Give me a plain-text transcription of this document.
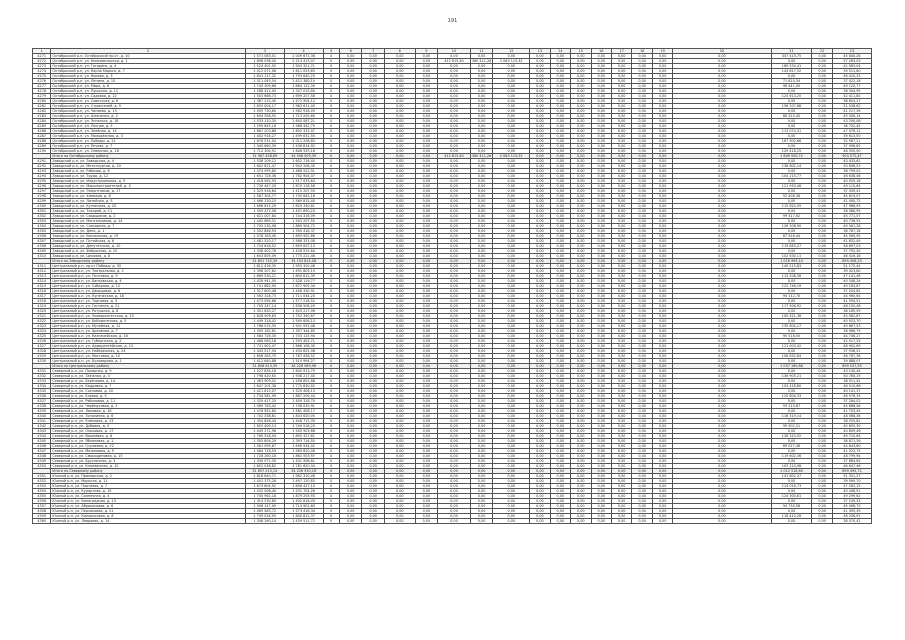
191
1	2	3	4	5	6	7	8	9	10	11	12	13	14	15	16	17	18	19	20	21	22	23
4271	Октябрьский р-н, Октябрьский пр-кт, д. 10	1 571 083,51	2 009 671,36	0	0,00	0,00	0,00	0,00	0,00	0,00	0,00	0,00	0,00	0,00	0,00	0,00	0,00	0,00	0,00	347 415,75	0,00	45 840,26
4272	Октябрьский р-н, ул. Комсомольская, д. 1	1 896 036,40	2 213 413,07	0	0,00	0,00	0,00	0,00	412 815,40	360 411,26	2 063 113,32	0,00	0,00	0,00	0,00	0,00	0,00	0,00	0,00	0,00	0,00	57 283,03
4273	Октябрьский р-н, ул. Гагарина, д. 4	1 524 401,92	1 503 321,71	0	0,00	0,00	0,00	0,00	0,00	0,00	0,00	0,00	0,00	0,00	0,00	0,00	0,00	0,00	0,00	189 534,41	0,00	42 983,04
4274	Октябрьский р-н, ул. Карла Маркса, д. 7	1 412 071,08	1 611 053,65	0	0,00	0,00	0,00	0,00	0,00	0,00	0,00	0,00	0,00	0,00	0,00	0,00	0,00	0,00	0,00	143 817,52	0,00	39 511,60
4275	Октябрьский р-н, ул. Кирова, д. 3	1 641 117,32	1 793 640,25	0	0,00	0,00	0,00	0,00	0,00	0,00	0,00	0,00	0,00	0,00	0,00	0,00	0,00	0,00	0,00	0,00	0,00	46 410,33
4276	Октябрьский р-н, ул. Ленина, д. 15	1 311 045,54	1 421 380,10	0	0,00	0,00	0,00	0,00	0,00	0,00	0,00	0,00	0,00	0,00	0,00	0,00	0,00	0,00	0,00	71 810,34	0,00	37 022,18
4277	Октябрьский р-н, ул. Мира, д. 8	1 745 309,66	1 864 122,39	0	0,00	0,00	0,00	0,00	0,00	0,00	0,00	0,00	0,00	0,00	0,00	0,00	0,00	0,00	0,00	98 441,00	0,00	49 120,77
4278	Октябрьский р-н, ул. Пушкина, д. 11	1 288 412,05	1 337 015,84	0	0,00	0,00	0,00	0,00	0,00	0,00	0,00	0,00	0,00	0,00	0,00	0,00	0,00	0,00	0,00	0,00	0,00	36 304,95
4279	Октябрьский р-н, ул. Садовая, д. 22	1 503 668,73	1 699 207,58	0	0,00	0,00	0,00	0,00	0,00	0,00	0,00	0,00	0,00	0,00	0,00	0,00	0,00	0,00	0,00	124 613,20	0,00	42 411,80
4280	Октябрьский р-н, ул. Советская, д. 6	1 367 215,49	1 472 904,12	0	0,00	0,00	0,00	0,00	0,00	0,00	0,00	0,00	0,00	0,00	0,00	0,00	0,00	0,00	0,00	0,00	0,00	38 604,27
4281	Октябрьский р-н, ул. Строителей, д. 9	1 825 004,17	1 983 611,40	0	0,00	0,00	0,00	0,00	0,00	0,00	0,00	0,00	0,00	0,00	0,00	0,00	0,00	0,00	0,00	156 207,88	0,00	51 538,62
4282	Октябрьский р-н, ул. Чапаева, д. 13	1 459 730,60	1 562 918,03	0	0,00	0,00	0,00	0,00	0,00	0,00	0,00	0,00	0,00	0,00	0,00	0,00	0,00	0,00	0,00	0,00	0,00	41 217,39
4283	Октябрьский р-н, ул. Шевченко, д. 2	1 604 558,92	1 713 205,60	0	0,00	0,00	0,00	0,00	0,00	0,00	0,00	0,00	0,00	0,00	0,00	0,00	0,00	0,00	0,00	88 315,40	0,00	45 306,14
4284	Октябрьский р-н, ул. Энгельса, д. 18	1 533 120,35	1 640 087,21	0	0,00	0,00	0,00	0,00	0,00	0,00	0,00	0,00	0,00	0,00	0,00	0,00	0,00	0,00	0,00	0,00	0,00	43 290,08
4285	Октябрьский р-н, ул. Лесная, д. 5	1 299 845,16	1 388 442,70	0	0,00	0,00	0,00	0,00	0,00	0,00	0,00	0,00	0,00	0,00	0,00	0,00	0,00	0,00	0,00	0,00	0,00	36 702,45
4286	Октябрьский р-н, ул. Зелёная, д. 14	1 667 203,88	1 802 315,47	0	0,00	0,00	0,00	0,00	0,00	0,00	0,00	0,00	0,00	0,00	0,00	0,00	0,00	0,00	0,00	112 074,31	0,00	47 076,12
4287	Октябрьский р-н, ул. Молодёжная, д. 3	1 402 918,27	1 499 631,55	0	0,00	0,00	0,00	0,00	0,00	0,00	0,00	0,00	0,00	0,00	0,00	0,00	0,00	0,00	0,00	0,00	0,00	39 613,50
4288	Октябрьский р-н, ул. Победы, д. 21	1 876 531,04	2 011 208,83	0	0,00	0,00	0,00	0,00	0,00	0,00	0,00	0,00	0,00	0,00	0,00	0,00	0,00	0,00	0,00	167 902,66	0,00	52 987,21
4289	Октябрьский р-н, ул. Речная, д. 7	1 345 660,39	1 436 814,92	0	0,00	0,00	0,00	0,00	0,00	0,00	0,00	0,00	0,00	0,00	0,00	0,00	0,00	0,00	0,00	0,00	0,00	37 996,82
4290	Октябрьский р-н, ул. Северная, д. 16	1 712 304,51	1 846 529,18	0	0,00	0,00	0,00	0,00	0,00	0,00	0,00	0,00	0,00	0,00	0,00	0,00	0,00	0,00	0,00	129 418,25	0,00	48 350,90
	Итого по Октябрьскому району	31 987 438,89	34 508 509,39	0	0,00	0,00	0,00	0,00	412 815,40	360 411,26	2 063 113,32	0,00	0,00	0,00	0,00	0,00	0,00	0,00	0,00	1 649 550,72	0,00	903 572,47
4291	Заводской р-н, ул. Заводская, д. 4	1 538 209,12	1 652 716,40	0	0,00	0,00	0,00	0,00	0,00	0,00	0,00	0,00	0,00	0,00	0,00	0,00	0,00	0,00	0,00	0,00	0,00	43 433,61
4292	Заводской р-н, ул. Металлургов, д. 10	1 802 611,47	1 943 208,35	0	0,00	0,00	0,00	0,00	0,00	0,00	0,00	0,00	0,00	0,00	0,00	0,00	0,00	0,00	0,00	138 602,14	0,00	50 898,53
4293	Заводской р-н, ул. Рабочая, д. 6	1 374 095,80	1 468 522,91	0	0,00	0,00	0,00	0,00	0,00	0,00	0,00	0,00	0,00	0,00	0,00	0,00	0,00	0,00	0,00	0,00	0,00	38 799,02
4294	Заводской р-н, ул. Труда, д. 12	1 651 728,36	1 782 904,07	0	0,00	0,00	0,00	0,00	0,00	0,00	0,00	0,00	0,00	0,00	0,00	0,00	0,00	0,00	0,00	104 215,77	0,00	46 638,46
4295	Заводской р-н, ул. Индустриальная, д. 9	1 418 562,93	1 517 033,64	0	0,00	0,00	0,00	0,00	0,00	0,00	0,00	0,00	0,00	0,00	0,00	0,00	0,00	0,00	0,00	0,00	0,00	40 055,18
4296	Заводской р-н, ул. Машиностроителей, д. 3	1 739 447,20	1 870 118,56	0	0,00	0,00	0,00	0,00	0,00	0,00	0,00	0,00	0,00	0,00	0,00	0,00	0,00	0,00	0,00	121 930,48	0,00	49 115,64
4297	Заводской р-н, ул. Энергетиков, д. 17	1 325 918,64	1 415 207,93	0	0,00	0,00	0,00	0,00	0,00	0,00	0,00	0,00	0,00	0,00	0,00	0,00	0,00	0,00	0,00	0,00	0,00	37 439,41
4298	Заводской р-н, ул. Химиков, д. 8	1 587 304,77	1 705 642,18	0	0,00	0,00	0,00	0,00	0,00	0,00	0,00	0,00	0,00	0,00	0,00	0,00	0,00	0,00	0,00	92 408,36	0,00	44 819,07
4299	Заводской р-н, ул. Литейная, д. 5	1 466 230,15	1 569 815,40	0	0,00	0,00	0,00	0,00	0,00	0,00	0,00	0,00	0,00	0,00	0,00	0,00	0,00	0,00	0,00	0,00	0,00	41 400,72
4300	Заводской р-н, ул. Кузнечная, д. 20	1 698 815,29	1 829 330,61	0	0,00	0,00	0,00	0,00	0,00	0,00	0,00	0,00	0,00	0,00	0,00	0,00	0,00	0,00	0,00	115 624,05	0,00	47 968,93
4301	Заводской р-н, ул. Токарей, д. 11	1 359 472,58	1 451 690,24	0	0,00	0,00	0,00	0,00	0,00	0,00	0,00	0,00	0,00	0,00	0,00	0,00	0,00	0,00	0,00	0,00	0,00	38 386,95
4302	Заводской р-н, ул. Сварщиков, д. 2	1 621 007,84	1 744 316,09	0	0,00	0,00	0,00	0,00	0,00	0,00	0,00	0,00	0,00	0,00	0,00	0,00	0,00	0,00	0,00	99 317,62	0,00	45 771,07
4303	Заводской р-н, ул. Монтажников, д. 14	1 442 689,31	1 543 207,55	0	0,00	0,00	0,00	0,00	0,00	0,00	0,00	0,00	0,00	0,00	0,00	0,00	0,00	0,00	0,00	0,00	0,00	40 736,53
4304	Заводской р-н, ул. Слесарная, д. 7	1 755 230,06	1 889 504,72	0	0,00	0,00	0,00	0,00	0,00	0,00	0,00	0,00	0,00	0,00	0,00	0,00	0,00	0,00	0,00	126 508,90	0,00	49 561,28
4305	Заводской р-н, ул. Депо, д. 1	1 302 846,93	1 390 418,37	0	0,00	0,00	0,00	0,00	0,00	0,00	0,00	0,00	0,00	0,00	0,00	0,00	0,00	0,00	0,00	0,00	0,00	36 787,16
4306	Заводской р-н, ул. Вокзальная, д. 19	1 578 163,40	1 695 902,86	0	0,00	0,00	0,00	0,00	0,00	0,00	0,00	0,00	0,00	0,00	0,00	0,00	0,00	0,00	0,00	87 916,44	0,00	44 560,95
4307	Заводской р-н, ул. Путейская, д. 6	1 481 520,17	1 586 331,08	0	0,00	0,00	0,00	0,00	0,00	0,00	0,00	0,00	0,00	0,00	0,00	0,00	0,00	0,00	0,00	0,00	0,00	41 832,49
4308	Заводской р-н, ул. Депутатская, д. 10	1 724 618,52	1 859 007,13	0	0,00	0,00	0,00	0,00	0,00	0,00	0,00	0,00	0,00	0,00	0,00	0,00	0,00	0,00	0,00	119 845,27	0,00	48 697,03
4309	Заводской р-н, ул. Фабричная, д. 15	1 338 402,76	1 428 915,64	0	0,00	0,00	0,00	0,00	0,00	0,00	0,00	0,00	0,00	0,00	0,00	0,00	0,00	0,00	0,00	0,00	0,00	37 792,30
4310	Заводской р-н, ул. Цеховая, д. 8	1 643 855,09	1 770 221,46	0	0,00	0,00	0,00	0,00	0,00	0,00	0,00	0,00	0,00	0,00	0,00	0,00	0,00	0,00	0,00	102 630,11	0,00	46 416,18
	Итого по Заводскому району	31 851 730,39	34 153 815,08	0	0,00	0,00	0,00	0,00	0,00	0,00	0,00	0,00	0,00	0,00	0,00	0,00	0,00	0,00	0,00	1 016 999,14	0,00	899 406,23
4311	Центральный р-н, пр-кт Победы, д. 30	1 812 416,35	1 955 320,48	0	0,00	0,00	0,00	0,00	0,00	0,00	0,00	0,00	0,00	0,00	0,00	0,00	0,00	0,00	0,00	140 215,83	0,00	51 175,44
4312	Центральный р-н, ул. Театральная, д. 2	1 396 207,62	1 491 803,15	0	0,00	0,00	0,00	0,00	0,00	0,00	0,00	0,00	0,00	0,00	0,00	0,00	0,00	0,00	0,00	0,00	0,00	39 423,80
4313	Центральный р-н, ул. Почтовая, д. 9	1 669 530,21	1 804 612,39	0	0,00	0,00	0,00	0,00	0,00	0,00	0,00	0,00	0,00	0,00	0,00	0,00	0,00	0,00	0,00	113 208,58	0,00	47 141,46
4314	Центральный р-н, ул. Банковская, д. 4	1 428 941,05	1 528 119,77	0	0,00	0,00	0,00	0,00	0,00	0,00	0,00	0,00	0,00	0,00	0,00	0,00	0,00	0,00	0,00	0,00	0,00	40 348,24
4315	Центральный р-н, ул. Соборная, д. 12	1 741 862,90	1 872 905,34	0	0,00	0,00	0,00	0,00	0,00	0,00	0,00	0,00	0,00	0,00	0,00	0,00	0,00	0,00	0,00	122 746,19	0,00	49 183,87
4316	Центральный р-н, ул. Дворцовая, д. 6	1 317 605,48	1 406 330,91	0	0,00	0,00	0,00	0,00	0,00	0,00	0,00	0,00	0,00	0,00	0,00	0,00	0,00	0,00	0,00	0,00	0,00	37 204,62
4317	Центральный р-н, ул. Купеческая, д. 18	1 592 318,73	1 711 044,20	0	0,00	0,00	0,00	0,00	0,00	0,00	0,00	0,00	0,00	0,00	0,00	0,00	0,00	0,00	0,00	94 112,70	0,00	44 960,64
4318	Центральный р-н, ул. Торговая, д. 3	1 473 094,66	1 577 218,52	0	0,00	0,00	0,00	0,00	0,00	0,00	0,00	0,00	0,00	0,00	0,00	0,00	0,00	0,00	0,00	0,00	0,00	41 594,51
4319	Центральный р-н, ул. Гостиная, д. 21	1 705 247,14	1 836 508,29	0	0,00	0,00	0,00	0,00	0,00	0,00	0,00	0,00	0,00	0,00	0,00	0,00	0,00	0,00	0,00	117 506,92	0,00	48 150,48
4320	Центральный р-н, ул. Ратушная, д. 8	1 351 630,27	1 443 217,06	0	0,00	0,00	0,00	0,00	0,00	0,00	0,00	0,00	0,00	0,00	0,00	0,00	0,00	0,00	0,00	0,00	0,00	38 165,59
4321	Центральный р-н, ул. Университетская, д. 15	1 628 509,83	1 752 340,67	0	0,00	0,00	0,00	0,00	0,00	0,00	0,00	0,00	0,00	0,00	0,00	0,00	0,00	0,00	0,00	100 421,36	0,00	45 982,87
4322	Центральный р-н, ул. Библиотечная, д. 5	1 449 318,42	1 549 806,13	0	0,00	0,00	0,00	0,00	0,00	0,00	0,00	0,00	0,00	0,00	0,00	0,00	0,00	0,00	0,00	0,00	0,00	40 923,70
4323	Центральный р-н, ул. Музейная, д. 11	1 766 074,55	1 901 932,48	0	0,00	0,00	0,00	0,00	0,00	0,00	0,00	0,00	0,00	0,00	0,00	0,00	0,00	0,00	0,00	130 604,17	0,00	49 867,53
4324	Центральный р-н, ул. Архивная, д. 7	1 309 182,61	1 397 344,85	0	0,00	0,00	0,00	0,00	0,00	0,00	0,00	0,00	0,00	0,00	0,00	0,00	0,00	0,00	0,00	0,00	0,00	36 966,79
4325	Центральный р-н, ул. Казначейская, д. 16	1 584 726,30	1 703 115,94	0	0,00	0,00	0,00	0,00	0,00	0,00	0,00	0,00	0,00	0,00	0,00	0,00	0,00	0,00	0,00	90 518,05	0,00	44 746,27
4326	Центральный р-н, ул. Губернская, д. 2	1 488 063,18	1 593 402,71	0	0,00	0,00	0,00	0,00	0,00	0,00	0,00	0,00	0,00	0,00	0,00	0,00	0,00	0,00	0,00	0,00	0,00	42 017,25
4327	Центральный р-н, ул. Адмиралтейская, д. 13	1 731 902,47	1 866 108,30	0	0,00	0,00	0,00	0,00	0,00	0,00	0,00	0,00	0,00	0,00	0,00	0,00	0,00	0,00	0,00	121 003,42	0,00	48 902,69
4328	Центральный р-н, ул. Набережная, д. 24	1 343 517,94	1 434 625,08	0	0,00	0,00	0,00	0,00	0,00	0,00	0,00	0,00	0,00	0,00	0,00	0,00	0,00	0,00	0,00	0,00	0,00	37 936,51
4329	Центральный р-н, ул. Мостовая, д. 10	1 656 283,75	1 787 436,52	0	0,00	0,00	0,00	0,00	0,00	0,00	0,00	0,00	0,00	0,00	0,00	0,00	0,00	0,00	0,00	106 832,64	0,00	46 767,38
4330	Центральный р-н, ул. Бульварная, д. 1	1 412 640,88	1 510 994,27	0	0,00	0,00	0,00	0,00	0,00	0,00	0,00	0,00	0,00	0,00	0,00	0,00	0,00	0,00	0,00	0,00	0,00	39 888,07
	Итого по Центральному району	31 858 913,39	34 228 589,96	0	0,00	0,00	0,00	0,00	0,00	0,00	0,00	0,00	0,00	0,00	0,00	0,00	0,00	0,00	0,00	1 037 169,86	0,00	899 537,55
4331	Северный р-н, ул. Полярная, д. 9	1 527 834,16	1 640 913,75	0	0,00	0,00	0,00	0,00	0,00	0,00	0,00	0,00	0,00	0,00	0,00	0,00	0,00	0,00	0,00	0,00	0,00	43 140,44
4332	Северный р-н, ул. Таёжная, д. 3	1 798 420,63	1 938 217,40	0	0,00	0,00	0,00	0,00	0,00	0,00	0,00	0,00	0,00	0,00	0,00	0,00	0,00	0,00	0,00	136 905,21	0,00	50 780,19
4333	Северный р-н, ул. Берёзовая, д. 14	1 363 909,52	1 456 602,88	0	0,00	0,00	0,00	0,00	0,00	0,00	0,00	0,00	0,00	0,00	0,00	0,00	0,00	0,00	0,00	0,00	0,00	38 511,41
4334	Северный р-н, ул. Кедровая, д. 7	1 647 201,38	1 775 830,92	0	0,00	0,00	0,00	0,00	0,00	0,00	0,00	0,00	0,00	0,00	0,00	0,00	0,00	0,00	0,00	103 418,80	0,00	46 510,66
4335	Северный р-н, ул. Сосновая, д. 20	1 421 615,07	1 520 406,13	0	0,00	0,00	0,00	0,00	0,00	0,00	0,00	0,00	0,00	0,00	0,00	0,00	0,00	0,00	0,00	0,00	0,00	40 141,37
4336	Северный р-н, ул. Еловая, д. 5	1 734 581,99	1 867 209,44	0	0,00	0,00	0,00	0,00	0,00	0,00	0,00	0,00	0,00	0,00	0,00	0,00	0,00	0,00	0,00	120 604,33	0,00	48 978,35
4337	Северный р-н, ул. Рябиновая, д. 11	1 320 417,25	1 409 318,70	0	0,00	0,00	0,00	0,00	0,00	0,00	0,00	0,00	0,00	0,00	0,00	0,00	0,00	0,00	0,00	0,00	0,00	37 284,02
4338	Северный р-н, ул. Черёмуховая, д. 2	1 589 763,42	1 708 035,91	0	0,00	0,00	0,00	0,00	0,00	0,00	0,00	0,00	0,00	0,00	0,00	0,00	0,00	0,00	0,00	93 210,87	0,00	44 888,46
4339	Северный р-н, ул. Липовая, д. 18	1 476 952,80	1 581 408,17	0	0,00	0,00	0,00	0,00	0,00	0,00	0,00	0,00	0,00	0,00	0,00	0,00	0,00	0,00	0,00	0,00	0,00	41 703,45
4340	Северный р-н, ул. Тополиная, д. 6	1 702 338,61	1 833 620,05	0	0,00	0,00	0,00	0,00	0,00	0,00	0,00	0,00	0,00	0,00	0,00	0,00	0,00	0,00	0,00	116 319,14	0,00	48 068,36
4341	Северный р-н, ул. Клёновая, д. 13	1 354 826,44	1 446 712,39	0	0,00	0,00	0,00	0,00	0,00	0,00	0,00	0,00	0,00	0,00	0,00	0,00	0,00	0,00	0,00	0,00	0,00	38 255,82
4342	Северный р-н, ул. Дубовая, д. 4	1 625 409,13	1 749 518,20	0	0,00	0,00	0,00	0,00	0,00	0,00	0,00	0,00	0,00	0,00	0,00	0,00	0,00	0,00	0,00	99 902,51	0,00	45 895,30
4343	Северный р-н, ул. Ольховая, д. 17	1 445 271,96	1 545 903,68	0	0,00	0,00	0,00	0,00	0,00	0,00	0,00	0,00	0,00	0,00	0,00	0,00	0,00	0,00	0,00	0,00	0,00	40 809,46
4344	Северный р-н, ул. Вишнёвая, д. 8	1 760 518,04	1 895 327,61	0	0,00	0,00	0,00	0,00	0,00	0,00	0,00	0,00	0,00	0,00	0,00	0,00	0,00	0,00	0,00	128 310,92	0,00	49 710,64
4345	Северный р-н, ул. Яблоневая, д. 1	1 305 804,29	1 393 716,55	0	0,00	0,00	0,00	0,00	0,00	0,00	0,00	0,00	0,00	0,00	0,00	0,00	0,00	0,00	0,00	0,00	0,00	36 871,39
4346	Северный р-н, ул. Грушевая, д. 22	1 581 095,67	1 698 934,02	0	0,00	0,00	0,00	0,00	0,00	0,00	0,00	0,00	0,00	0,00	0,00	0,00	0,00	0,00	0,00	89 027,48	0,00	44 643,60
4347	Северный р-н, ул. Малиновая, д. 9	1 484 716,53	1 589 820,46	0	0,00	0,00	0,00	0,00	0,00	0,00	0,00	0,00	0,00	0,00	0,00	0,00	0,00	0,00	0,00	0,00	0,00	41 922,75
4348	Северный р-н, ул. Смородиновая, д. 15	1 728 260,18	1 862 503,97	0	0,00	0,00	0,00	0,00	0,00	0,00	0,00	0,00	0,00	0,00	0,00	0,00	0,00	0,00	0,00	119 602,36	0,00	48 799,94
4349	Северный р-н, ул. Брусничная, д. 3	1 340 972,35	1 431 908,61	0	0,00	0,00	0,00	0,00	0,00	0,00	0,00	0,00	0,00	0,00	0,00	0,00	0,00	0,00	0,00	0,00	0,00	37 864,65
4350	Северный р-н, ул. Клюквенная, д. 10	1 652 036,82	1 781 620,34	0	0,00	0,00	0,00	0,00	0,00	0,00	0,00	0,00	0,00	0,00	0,00	0,00	0,00	0,00	0,00	105 214,98	0,00	46 647,46
	Итого по Северному району	31 857 215,14	34 226 530,18	0	0,00	0,00	0,00	0,00	0,00	0,00	0,00	0,00	0,00	0,00	0,00	0,00	0,00	0,00	0,00	1 012 516,60	0,00	899 495,72
4351	Южный р-н, ул. Приморская, д. 2	1 818 640,71	1 962 310,48	0	0,00	0,00	0,00	0,00	0,00	0,00	0,00	0,00	0,00	0,00	0,00	0,00	0,00	0,00	0,00	141 602,37	0,00	51 351,27
4352	Южный р-н, ул. Морская, д. 11	1 401 375,26	1 497 120,83	0	0,00	0,00	0,00	0,00	0,00	0,00	0,00	0,00	0,00	0,00	0,00	0,00	0,00	0,00	0,00	0,00	0,00	39 569,70
4353	Южный р-н, ул. Портовая, д. 7	1 673 804,92	1 808 427,15	0	0,00	0,00	0,00	0,00	0,00	0,00	0,00	0,00	0,00	0,00	0,00	0,00	0,00	0,00	0,00	114 016,73	0,00	47 262,15
4354	Южный р-н, ул. Курортная, д. 19	1 432 506,40	1 531 704,26	0	0,00	0,00	0,00	0,00	0,00	0,00	0,00	0,00	0,00	0,00	0,00	0,00	0,00	0,00	0,00	0,00	0,00	40 448,91
4355	Южный р-н, ул. Солнечная, д. 4	1 745 962,18	1 879 205,93	0	0,00	0,00	0,00	0,00	0,00	0,00	0,00	0,00	0,00	0,00	0,00	0,00	0,00	0,00	0,00	124 300,81	0,00	49 299,62
4356	Южный р-н, ул. Виноградная, д. 13	1 314 230,85	1 402 618,49	0	0,00	0,00	0,00	0,00	0,00	0,00	0,00	0,00	0,00	0,00	0,00	0,00	0,00	0,00	0,00	0,00	0,00	37 109,33
4357	Южный р-н, ул. Абрикосовая, д. 6	1 596 147,09	1 714 902,60	0	0,00	0,00	0,00	0,00	0,00	0,00	0,00	0,00	0,00	0,00	0,00	0,00	0,00	0,00	0,00	94 730,58	0,00	45 068,72
4358	Южный р-н, ул. Персиковая, д. 21	1 469 583,72	1 573 416,34	0	0,00	0,00	0,00	0,00	0,00	0,00	0,00	0,00	0,00	0,00	0,00	0,00	0,00	0,00	0,00	0,00	0,00	41 495,39
4359	Южный р-н, ул. Кипарисовая, д. 8	1 709 016,55	1 840 812,37	0	0,00	0,00	0,00	0,00	0,00	0,00	0,00	0,00	0,00	0,00	0,00	0,00	0,00	0,00	0,00	118 410,26	0,00	48 256,91
4360	Южный р-н, ул. Лавровая, д. 14	1 348 260,14	1 439 511,72	0	0,00	0,00	0,00	0,00	0,00	0,00	0,00	0,00	0,00	0,00	0,00	0,00	0,00	0,00	0,00	0,00	0,00	38 070,42
